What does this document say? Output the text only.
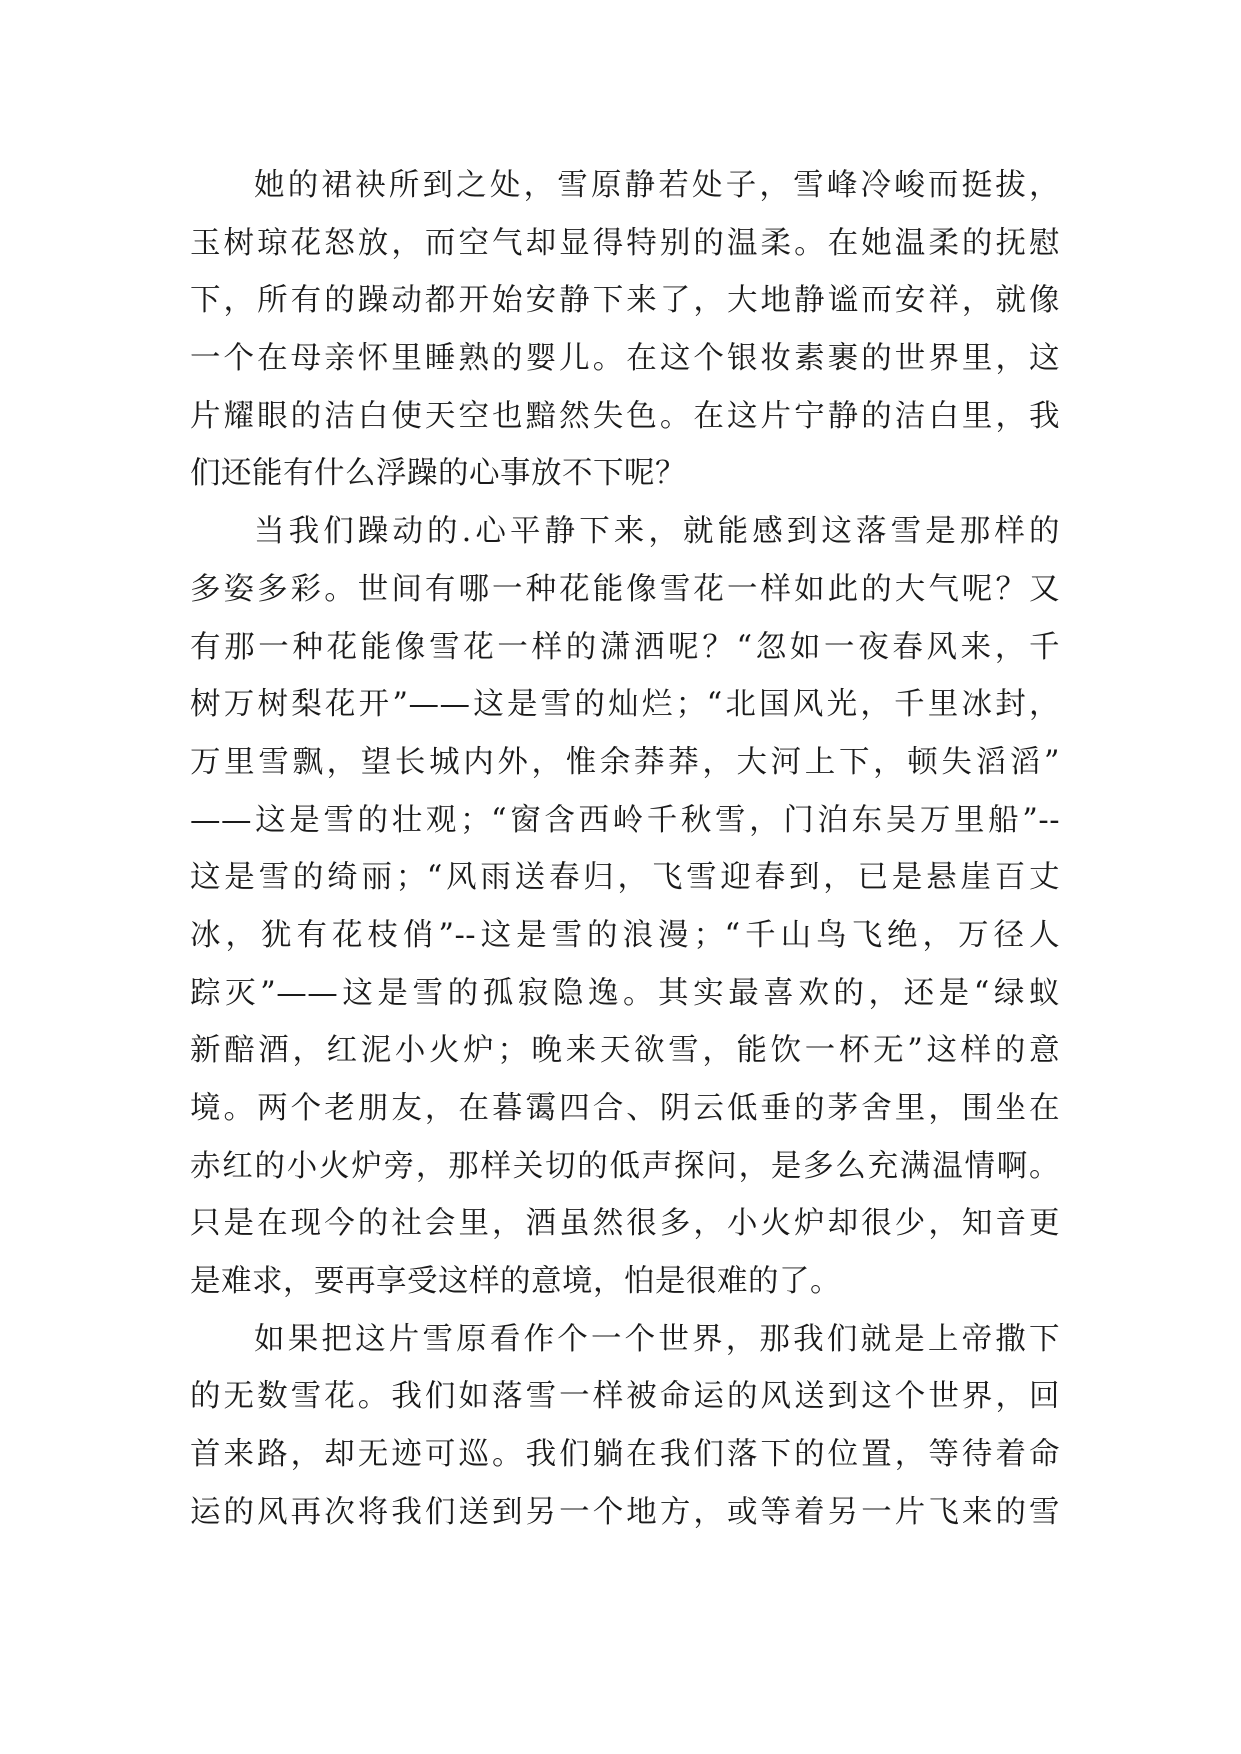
她的裙袂所到之处，雪原静若处子，雪峰冷峻而挺拔，
玉树琼花怒放，而空气却显得特别的温柔。在她温柔的抚慰
下，所有的躁动都开始安静下来了，大地静谧而安祥，就像
一个在母亲怀里睡熟的婴儿。在这个银妆素裹的世界里，这
片耀眼的洁白使天空也黯然失色。在这片宁静的洁白里，我
们还能有什么浮躁的心事放不下呢？
当我们躁动的.心平静下来，就能感到这落雪是那样的
多姿多彩。世间有哪一种花能像雪花一样如此的大气呢？又
有那一种花能像雪花一样的潇洒呢？“忽如一夜春风来，千
树万树梨花开”——这是雪的灿烂；“北国风光，千里冰封，
万里雪飘，望长城内外，惟余莽莽，大河上下，顿失滔滔”
——这是雪的壮观；“窗含西岭千秋雪，门泊东吴万里船”--
这是雪的绮丽；“风雨送春归，飞雪迎春到，已是悬崖百丈
冰，犹有花枝俏”--这是雪的浪漫；“千山鸟飞绝，万径人
踪灭”——这是雪的孤寂隐逸。其实最喜欢的，还是“绿蚁
新醅酒，红泥小火炉；晚来天欲雪，能饮一杯无”这样的意
境。两个老朋友，在暮霭四合、阴云低垂的茅舍里，围坐在
赤红的小火炉旁，那样关切的低声探问，是多么充满温情啊。
只是在现今的社会里，酒虽然很多，小火炉却很少，知音更
是难求，要再享受这样的意境，怕是很难的了。
如果把这片雪原看作个一个世界，那我们就是上帝撒下
的无数雪花。我们如落雪一样被命运的风送到这个世界，回
首来路，却无迹可巡。我们躺在我们落下的位置，等待着命
运的风再次将我们送到另一个地方，或等着另一片飞来的雪
